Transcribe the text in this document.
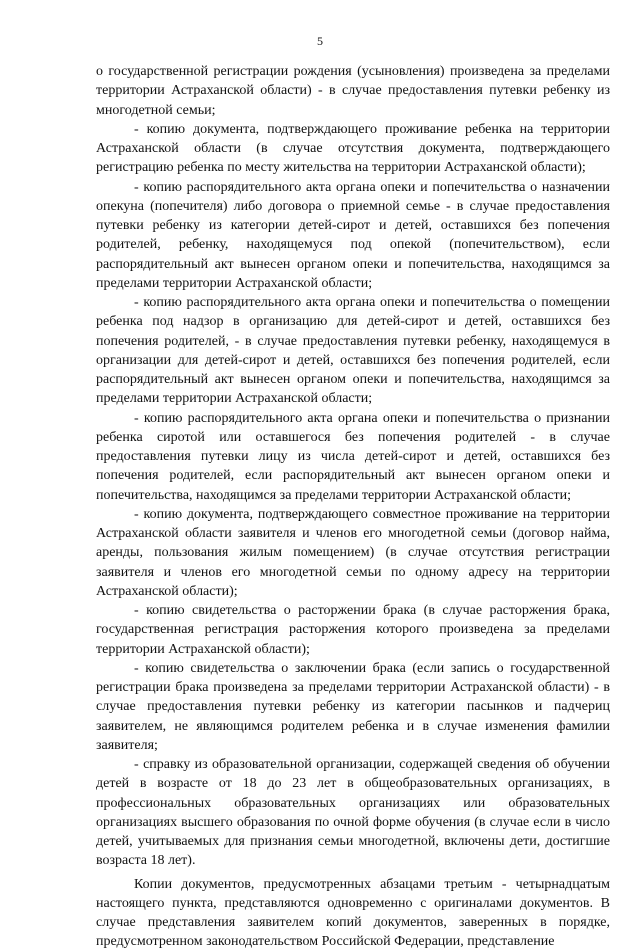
5

о государственной регистрации рождения (усыновления) произведена за пределами территории Астраханской области) - в случае предоставления путевки ребенку из многодетной семьи;

- копию документа, подтверждающего проживание ребенка на территории Астраханской области (в случае отсутствия документа, подтверждающего регистрацию ребенка по месту жительства на территории Астраханской области);

- копию распорядительного акта органа опеки и попечительства о назначении опекуна (попечителя) либо договора о приемной семье - в случае предоставления путевки ребенку из категории детей-сирот и детей, оставшихся без попечения родителей, ребенку, находящемуся под опекой (попечительством), если распорядительный акт вынесен органом опеки и попечительства, находящимся за пределами территории Астраханской области;

- копию распорядительного акта органа опеки и попечительства о помещении ребенка под надзор в организацию для детей-сирот и детей, оставшихся без попечения родителей, - в случае предоставления путевки ребенку, находящемуся в организации для детей-сирот и детей, оставшихся без попечения родителей, если распорядительный акт вынесен органом опеки и попечительства, находящимся за пределами территории Астраханской области;

- копию распорядительного акта органа опеки и попечительства о признании ребенка сиротой или оставшегося без попечения родителей - в случае предоставления путевки лицу из числа детей-сирот и детей, оставшихся без попечения родителей, если распорядительный акт вынесен органом опеки и попечительства, находящимся за пределами территории Астраханской области;

- копию документа, подтверждающего совместное проживание на территории Астраханской области заявителя и членов его многодетной семьи (договор найма, аренды, пользования жилым помещением) (в случае отсутствия регистрации заявителя и членов его многодетной семьи по одному адресу на территории Астраханской области);

- копию свидетельства о расторжении брака (в случае расторжения брака, государственная регистрация расторжения которого произведена за пределами территории Астраханской области);

- копию свидетельства о заключении брака (если запись о государственной регистрации брака произведена за пределами территории Астраханской области) - в случае предоставления путевки ребенку из категории пасынков и падчериц заявителем, не являющимся родителем ребенка и в случае изменения фамилии заявителя;

- справку из образовательной организации, содержащей сведения об обучении детей в возрасте от 18 до 23 лет в общеобразовательных организациях, в профессиональных образовательных организациях или образовательных организациях высшего образования по очной форме обучения (в случае если в число детей, учитываемых для признания семьи многодетной, включены дети, достигшие возраста 18 лет).

Копии документов, предусмотренных абзацами третьим - четырнадцатым настоящего пункта, представляются одновременно с оригиналами документов. В случае представления заявителем копий документов, заверенных в порядке, предусмотренном законодательством Российской Федерации, представление
